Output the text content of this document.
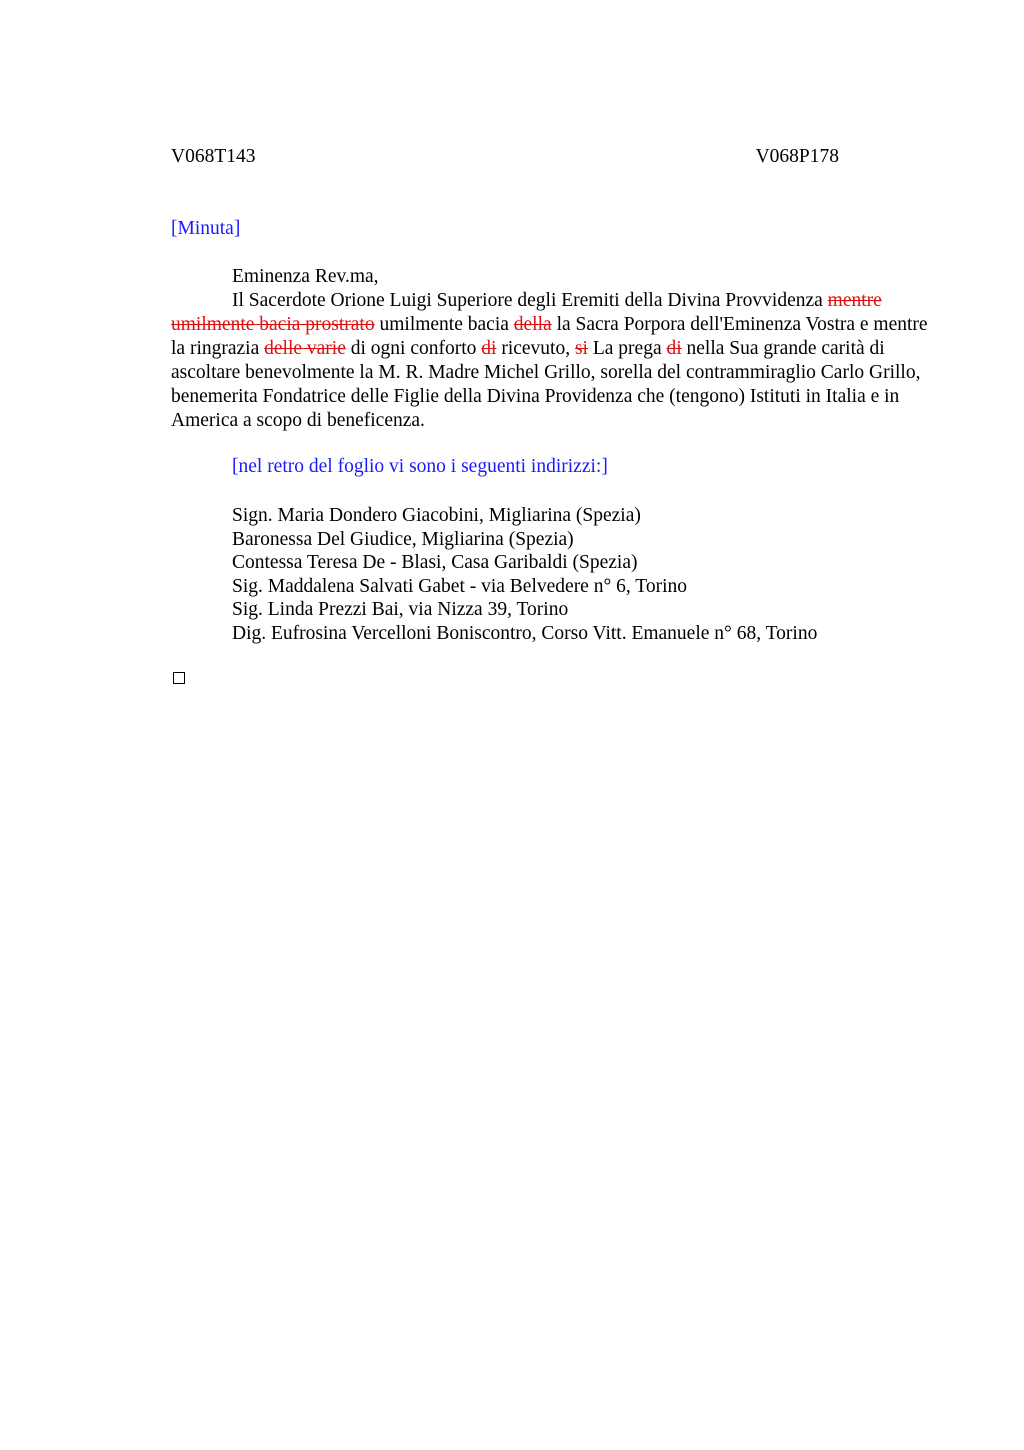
V068T143	V068P178
[Minuta]
Eminenza Rev.ma,
Il Sacerdote Orione Luigi Superiore degli Eremiti della Divina Provvidenza mentre umilmente bacia prostrato umilmente bacia della la Sacra Porpora dell'Eminenza Vostra e mentre la ringrazia delle varie di ogni conforto di ricevuto, si La prega di nella Sua grande carità di ascoltare benevolmente la M. R. Madre Michel Grillo, sorella del contrammiraglio Carlo Grillo, benemerita Fondatrice delle Figlie della Divina Providenza che (tengono) Istituti in Italia e in America a scopo di beneficenza.
[nel retro del foglio vi sono i seguenti indirizzi:]
Sign. Maria Dondero Giacobini, Migliarina (Spezia)
Baronessa Del Giudice, Migliarina (Spezia)
Contessa Teresa De - Blasi, Casa Garibaldi (Spezia)
Sig. Maddalena Salvati Gabet - via Belvedere n° 6, Torino
Sig. Linda Prezzi Bai, via Nizza 39, Torino
Dig. Eufrosina Vercelloni Boniscontro, Corso Vitt. Emanuele n° 68, Torino
